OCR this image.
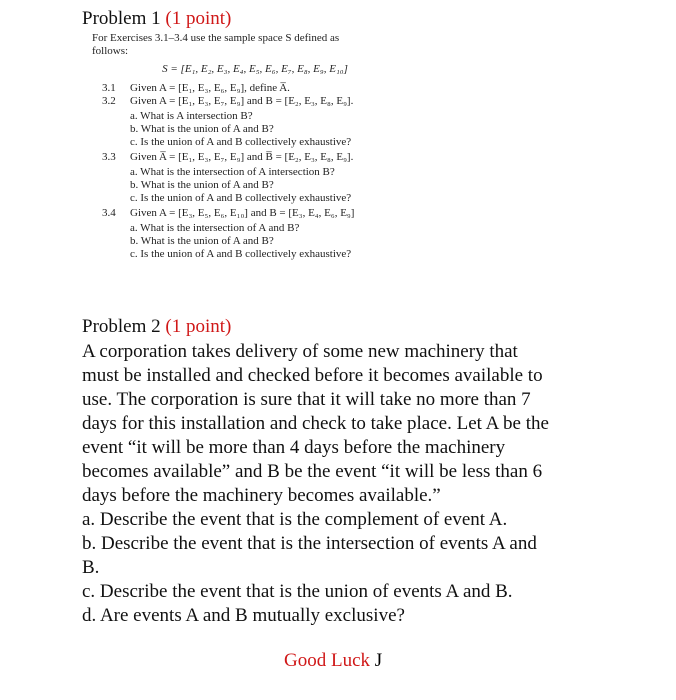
Problem 1 (1 point)
For Exercises 3.1–3.4 use the sample space S defined as
follows:
S = [E₁, E₂, E₃, E₄, E₅, E₆, E₇, E₈, E₉, E₁₀]
3.1 Given A = [E₁, E₃, E₆, E₉], define A̅.
3.2 Given A = [E₁, E₃, E₇, E₉] and B = [E₂, E₃, E₈, E₉].
a. What is A intersection B?
b. What is the union of A and B?
c. Is the union of A and B collectively exhaustive?
3.3 Given A̅ = [E₁, E₃, E₇, E₉] and B̅ = [E₂, E₃, E₈, E₉].
a. What is the intersection of A intersection B?
b. What is the union of A and B?
c. Is the union of A and B collectively exhaustive?
3.4 Given A = [E₃, E₅, E₆, E₁₀] and B = [E₃, E₄, E₆, E₉]
a. What is the intersection of A and B?
b. What is the union of A and B?
c. Is the union of A and B collectively exhaustive?
Problem 2 (1 point)
A corporation takes delivery of some new machinery that
must be installed and checked before it becomes available to
use. The corporation is sure that it will take no more than 7
days for this installation and check to take place. Let A be the
event “it will be more than 4 days before the machinery
becomes available” and B be the event “it will be less than 6
days before the machinery becomes available.”
a. Describe the event that is the complement of event A.
b. Describe the event that is the intersection of events A and
B.
c. Describe the event that is the union of events A and B.
d. Are events A and B mutually exclusive?
Good Luck J
